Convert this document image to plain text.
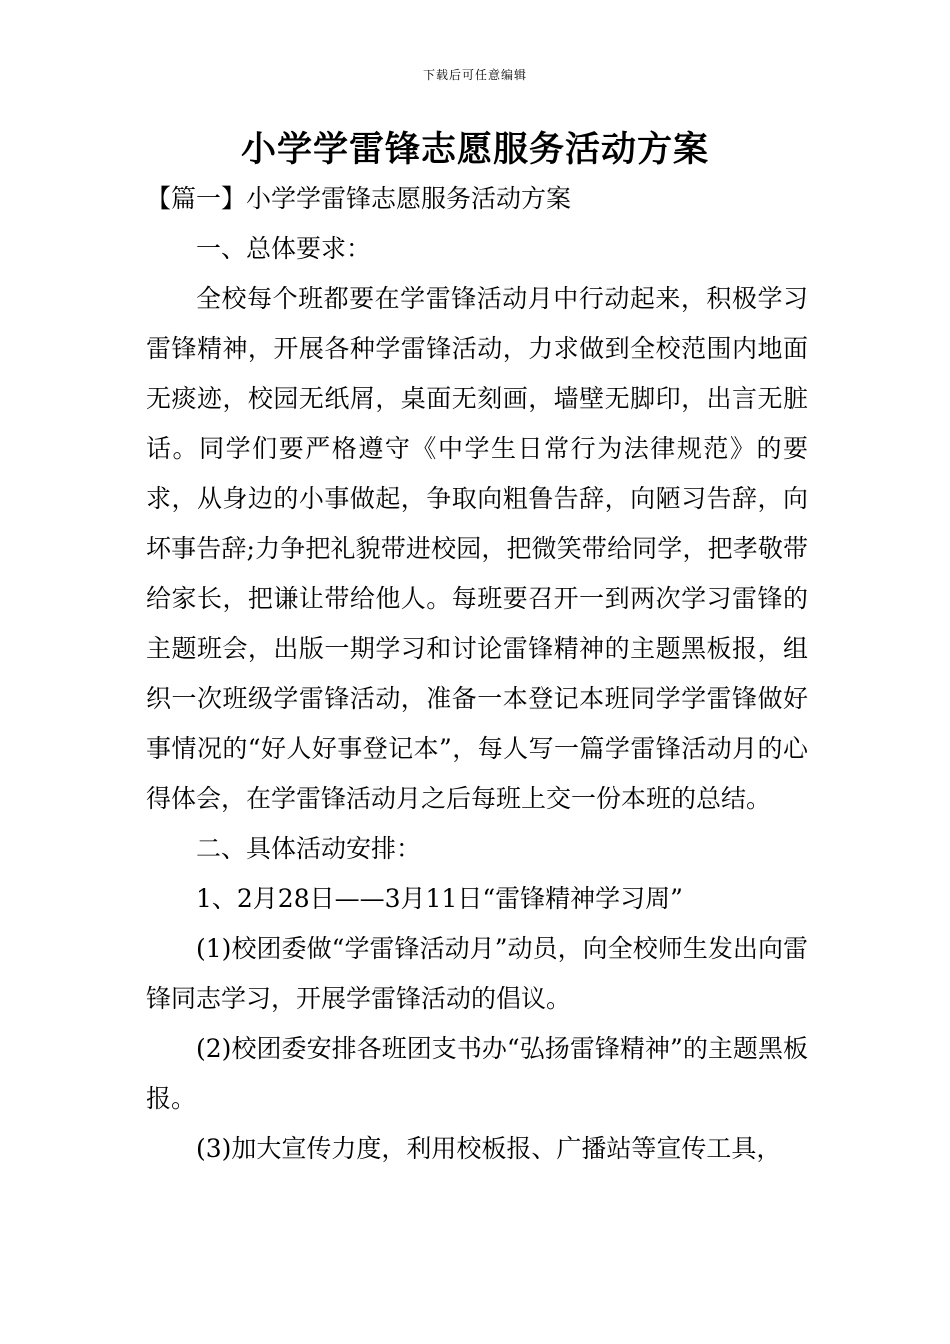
下载后可任意编辑
小学学雷锋志愿服务活动方案

【篇一】小学学雷锋志愿服务活动方案

一、总体要求：

全校每个班都要在学雷锋活动月中行动起来，积极学习雷锋精神，开展各种学雷锋活动，力求做到全校范围内地面无痰迹，校园无纸屑，桌面无刻画，墙壁无脚印，出言无脏话。同学们要严格遵守《中学生日常行为法律规范》的要求，从身边的小事做起，争取向粗鲁告辞，向陋习告辞，向坏事告辞;力争把礼貌带进校园，把微笑带给同学，把孝敬带给家长，把谦让带给他人。每班要召开一到两次学习雷锋的主题班会，出版一期学习和讨论雷锋精神的主题黑板报，组织一次班级学雷锋活动，准备一本登记本班同学学雷锋做好事情况的“好人好事登记本”，每人写一篇学雷锋活动月的心得体会，在学雷锋活动月之后每班上交一份本班的总结。

二、具体活动安排：

1、2月28日——3月11日“雷锋精神学习周”

(1)校团委做“学雷锋活动月”动员，向全校师生发出向雷锋同志学习，开展学雷锋活动的倡议。

(2)校团委安排各班团支书办“弘扬雷锋精神”的主题黑板报。

(3)加大宣传力度，利用校板报、广播站等宣传工具，
